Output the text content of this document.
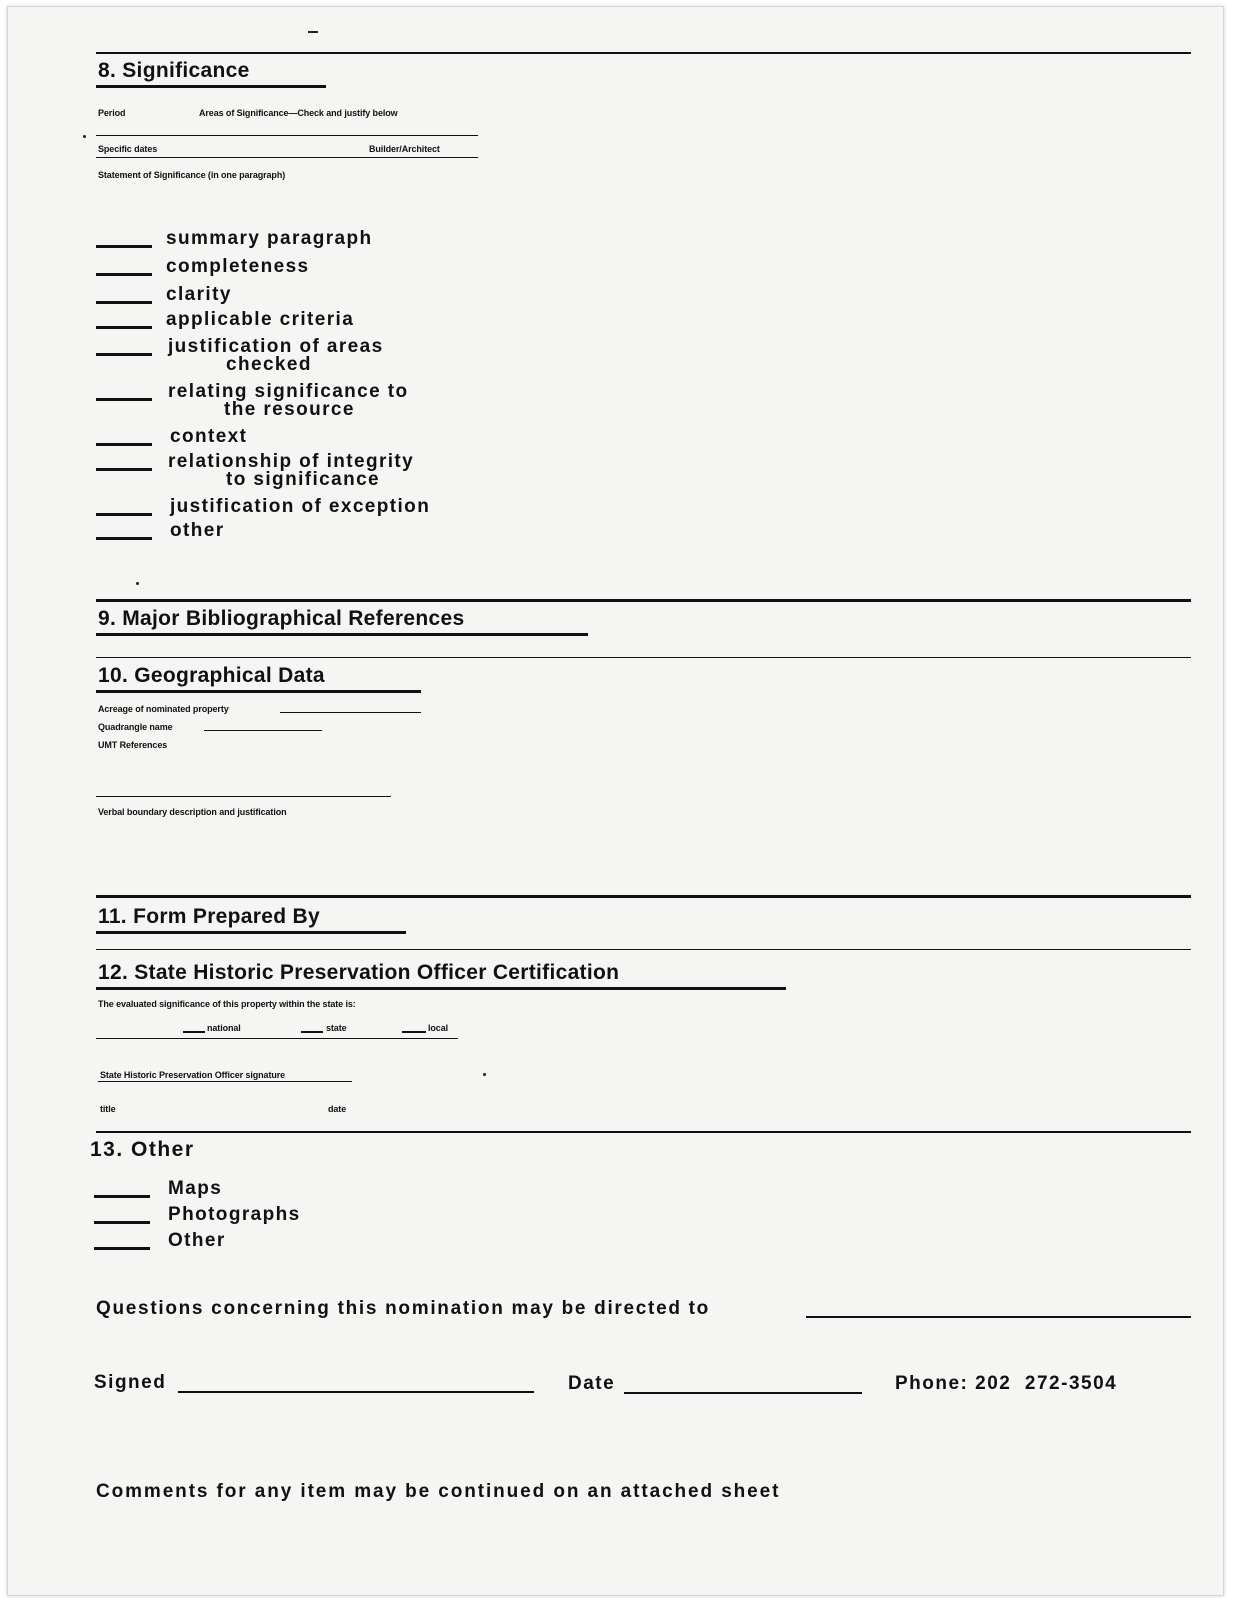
8. Significance
Period	Areas of Significance—Check and justify below
Specific dates	Builder/Architect
Statement of Significance (in one paragraph)
summary paragraph
completeness
clarity
applicable criteria
justification of areas
checked
relating significance to
the resource
context
relationship of integrity
to significance
justification of exception
other
9. Major Bibliographical References
10. Geographical Data
Acreage of nominated property
Quadrangle name
UMT References
Verbal boundary description and justification
11. Form Prepared By
12. State Historic Preservation Officer Certification
The evaluated significance of this property within the state is:
national	state	local
State Historic Preservation Officer signature
title	date
13. Other
Maps
Photographs
Other
Questions concerning this nomination may be directed to
Signed	Date	Phone: 202  272-3504
Comments for any item may be continued on an attached sheet
